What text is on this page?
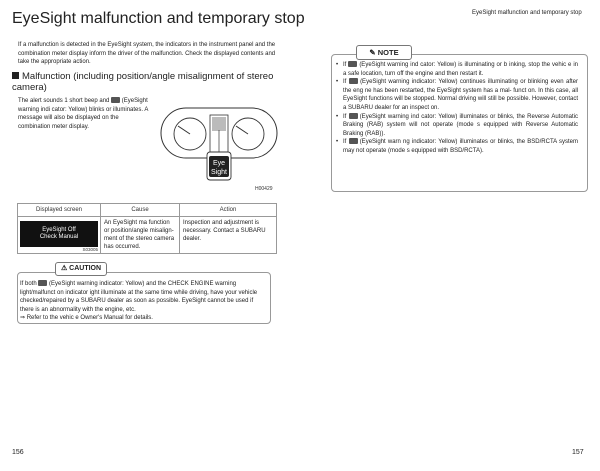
EyeSight malfunction and temporary stop	EyeSight malfunction and temporary stop
If a malfunction is detected in the EyeSight system, the indicators in the instrument panel and the combination meter display inform the driver of the malfunction. Check the displayed contents and take the appropriate action.
Malfunction (including position/angle misalignment of stereo camera)
The alert sounds 1 short beep and (EyeSight warning indi cator: Yellow) blinks or illuminates. A message will also be displayed on the combination meter display.
Eye
Sight
H00429
Displayed screen	Cause	Action

EyeSight Off
Check Manual
S03005	An EyeSight ma function or position/angle misalign- ment of the stereo camera has occurred.	Inspection and adjustment is necessary. Contact a SUBARU dealer.
⚠ CAUTION
If both (EyeSight warning indicator: Yellow) and the CHECK ENGINE warning light/malfunct on indicator ight illuminate at the same time while driving, have your vehicle checked/repaired by a SUBARU dealer as soon as possible. EyeSight cannot be used if there is an abnormality with the engine, etc.
⇒ Refer to the vehic e Owner's Manual for details.
✎ NOTE
• If (EyeSight warning ind cator: Yellow) is illuminating or b inking, stop the vehic e in a safe location, turn off the engine and then restart it.
• If (EyeSight warning indicator: Yellow) continues illuminating or blinking even after the eng ne has been restarted, the EyeSight system has a mal- funct on. In this case, all EyeSight functions will be stopped. Normal driving will still be possible. However, contact a SUBARU dealer for an inspect on.
• If (EyeSight warning ind cator: Yellow) illuminates or blinks, the Reverse Automatic Braking (RAB) system will not operate (mode s equipped with Reverse Automatic Braking (RAB)).
• If (EyeSight warn ng indicator: Yellow) illuminates or blinks, the BSD/RCTA system may not operate (mode s equipped with BSD/RCTA).
156	157
